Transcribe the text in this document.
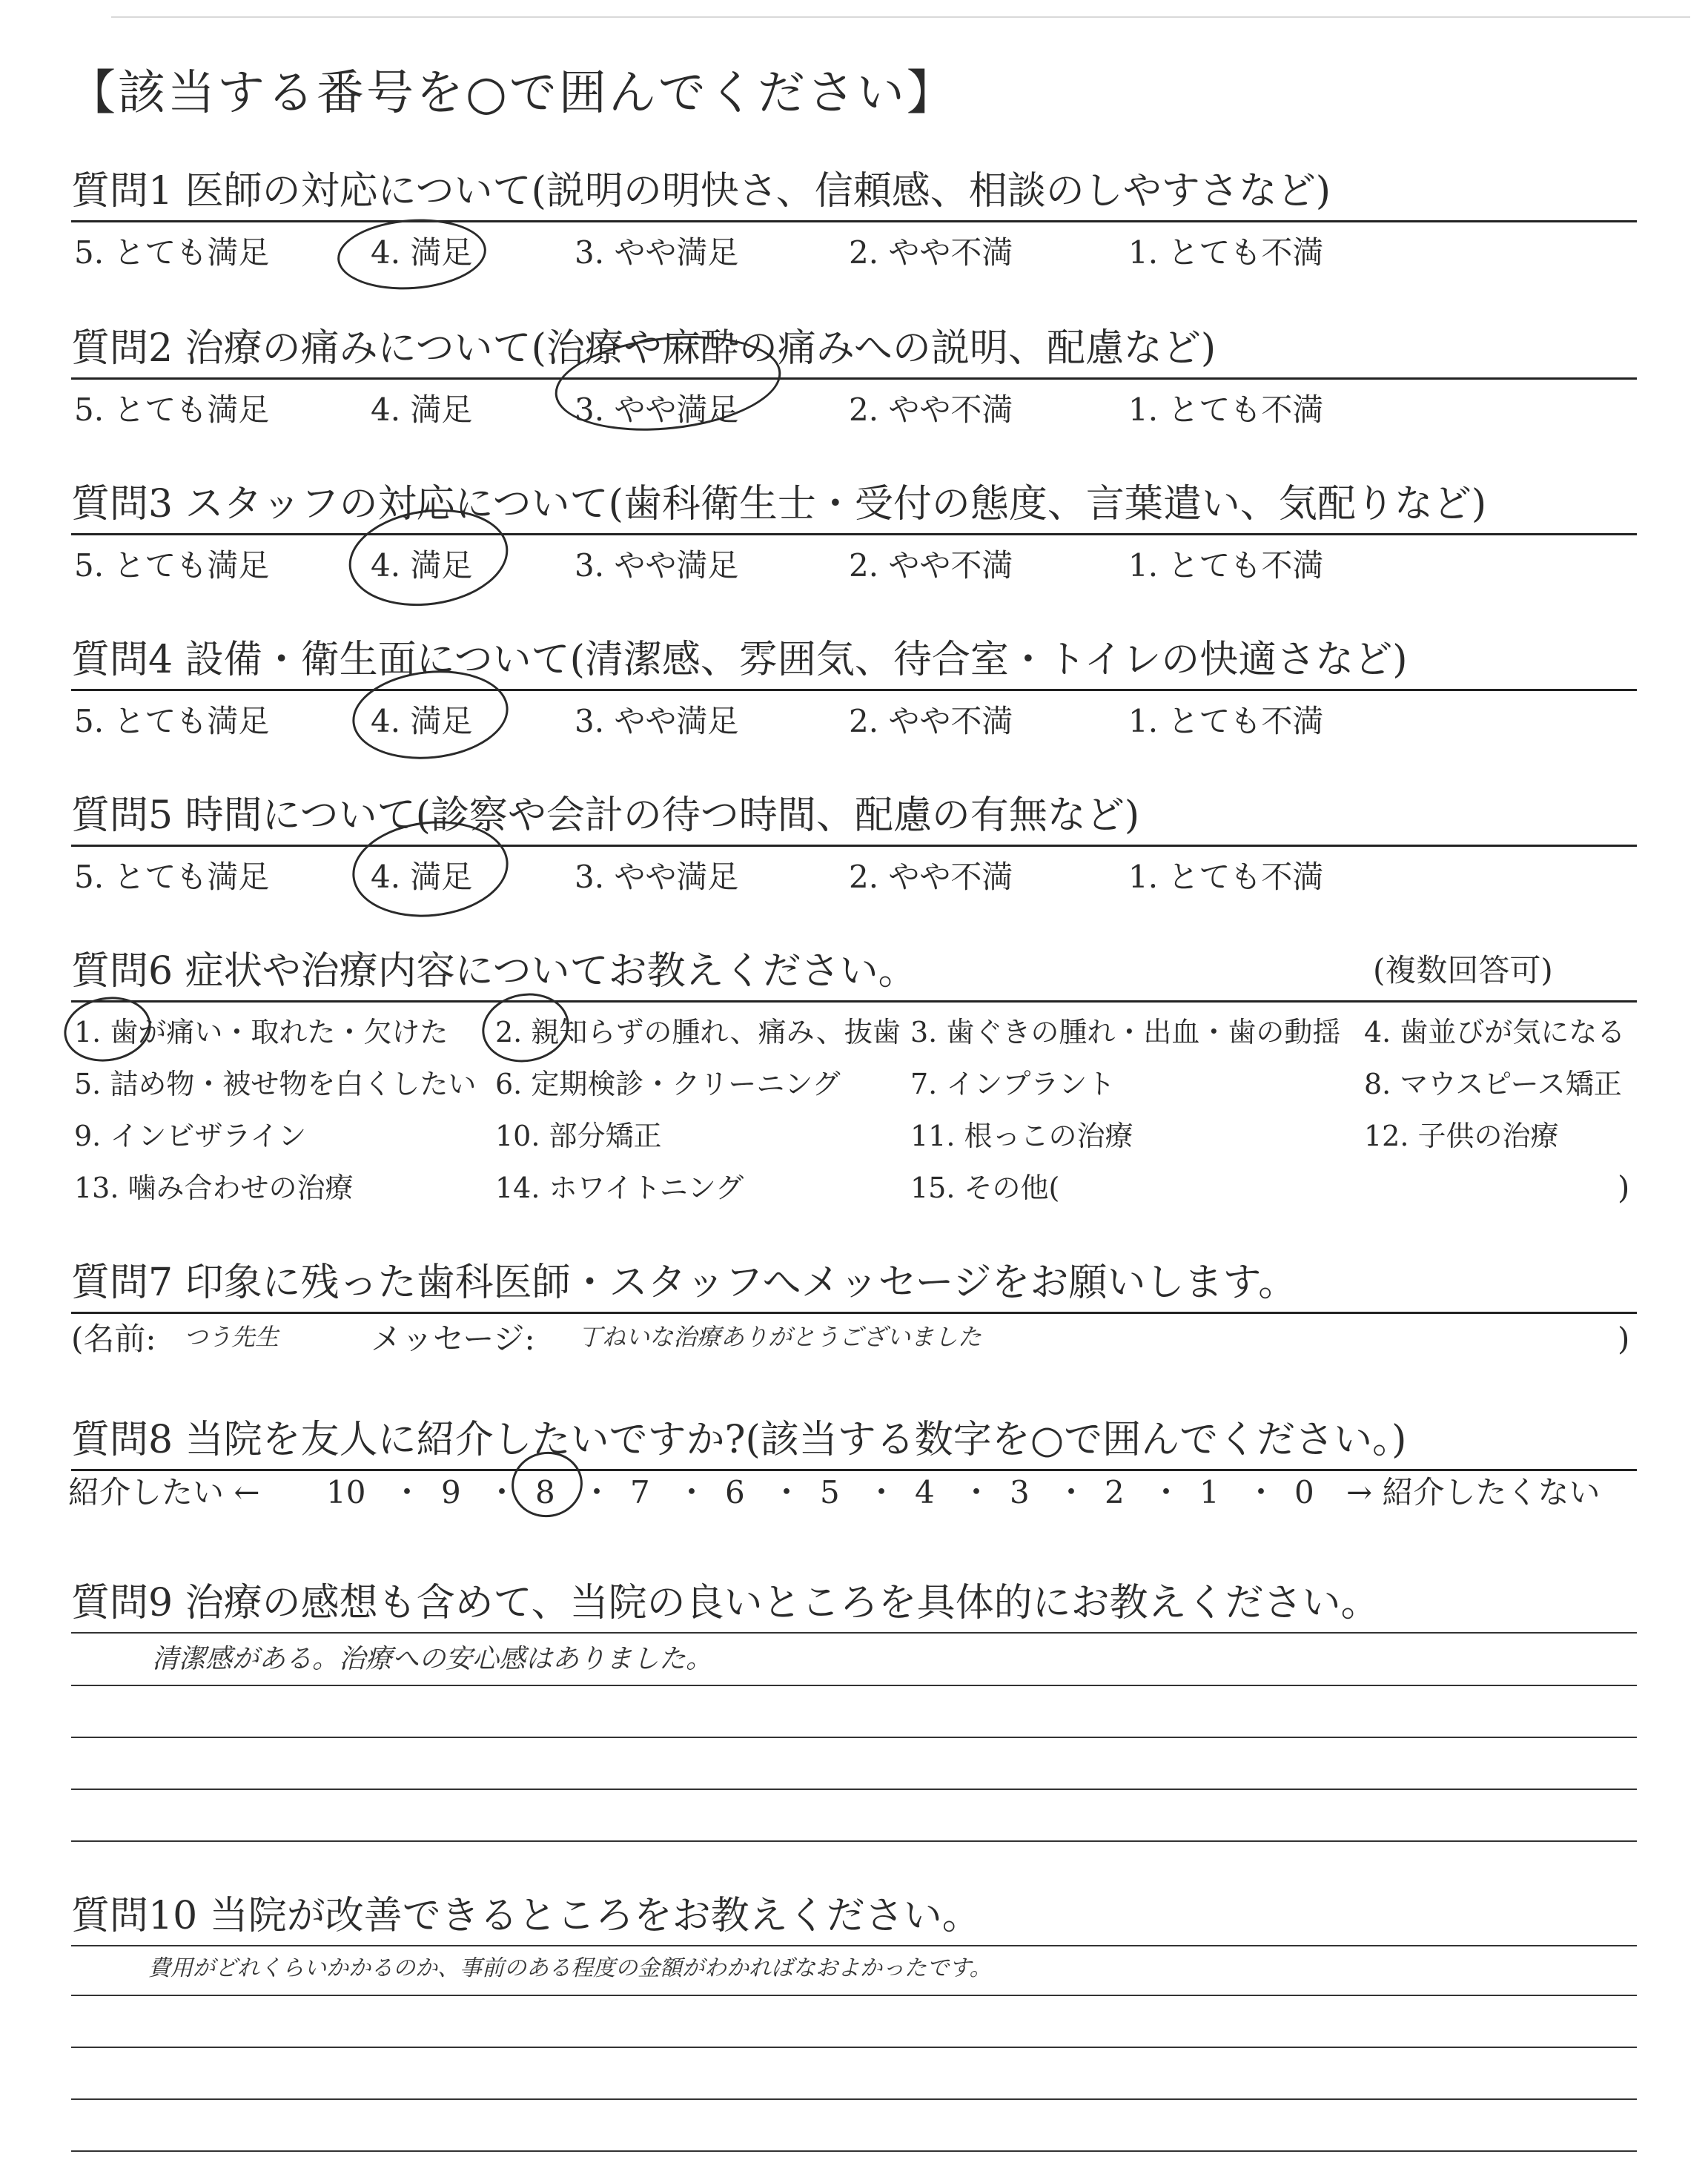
【該当する番号を○で囲んでください】
質問1 医師の対応について(説明の明快さ、信頼感、相談のしやすさなど)
5. とても満足	4. 満足	3. やや満足	2. やや不満	1. とても不満
質問2 治療の痛みについて(治療や麻酔の痛みへの説明、配慮など)
5. とても満足	4. 満足	3. やや満足	2. やや不満	1. とても不満
質問3 スタッフの対応について(歯科衛生士・受付の態度、言葉遣い、気配りなど)
5. とても満足	4. 満足	3. やや満足	2. やや不満	1. とても不満
質問4 設備・衛生面について(清潔感、雰囲気、待合室・トイレの快適さなど)
5. とても満足	4. 満足	3. やや満足	2. やや不満	1. とても不満
質問5 時間について(診察や会計の待つ時間、配慮の有無など)
5. とても満足	4. 満足	3. やや満足	2. やや不満	1. とても不満
質問6 症状や治療内容についてお教えください。	(複数回答可)
1. 歯が痛い・取れた・欠けた 2. 親知らずの腫れ、痛み、抜歯 3. 歯ぐきの腫れ・出血・歯の動揺 4. 歯並びが気になる
5. 詰め物・被せ物を白くしたい 6. 定期検診・クリーニング 7. インプラント	8. マウスピース矯正
9. インビザライン	10. 部分矯正	11. 根っこの治療	12. 子供の治療
13. 噛み合わせの治療	14. ホワイトニング	15. その他(	)
質問7 印象に残った歯科医師・スタッフへメッセージをお願いします。
(名前: つう先生	メッセージ: 丁ねいな治療ありがとうございました	)
質問8 当院を友人に紹介したいですか?(該当する数字を○で囲んでください。)
紹介したい ← 10 ・ 9 ・ 8 ・ 7 ・ 6 ・ 5 ・ 4 ・ 3 ・ 2 ・ 1 ・ 0 → 紹介したくない
質問9 治療の感想も含めて、当院の良いところを具体的にお教えください。
清潔感がある。治療への安心感はありました。
質問10 当院が改善できるところをお教えください。
費用がどれくらいかかるのか、事前のある程度の金額がわかればなおよかったです。
